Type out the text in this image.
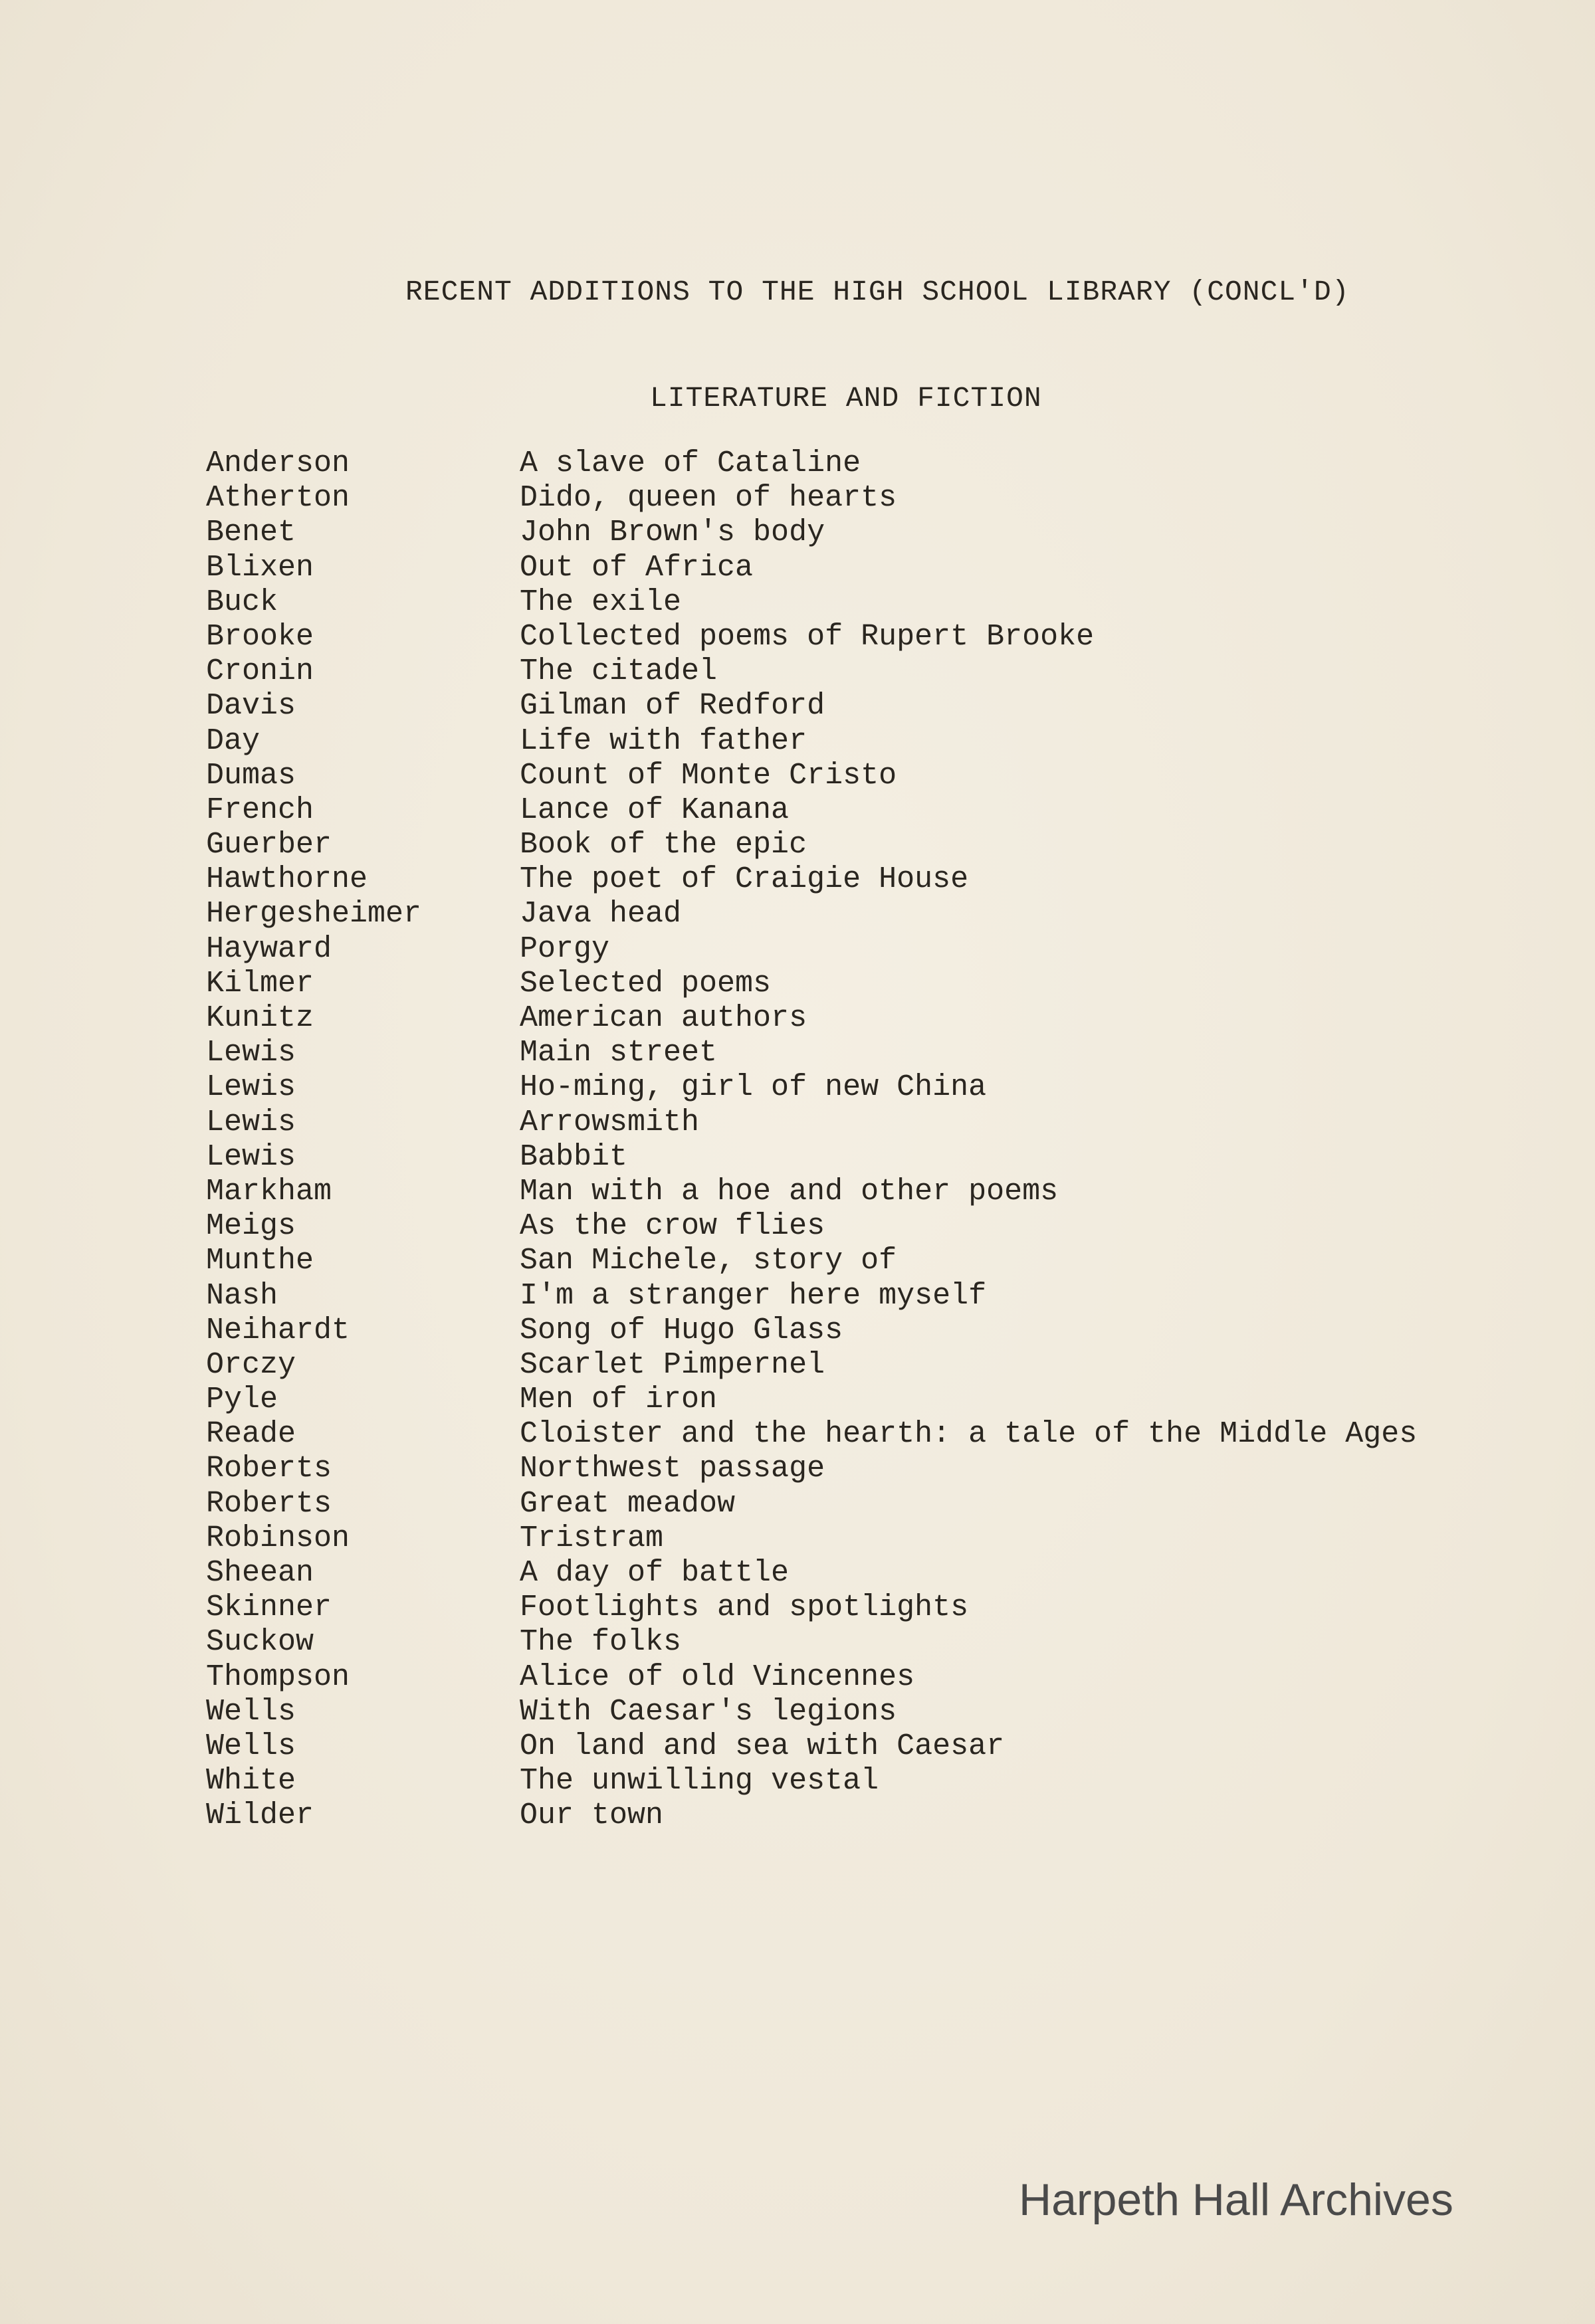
RECENT ADDITIONS TO THE HIGH SCHOOL LIBRARY (CONCL'D)
LITERATURE AND FICTION
Anderson	A slave of Cataline
Atherton	Dido, queen of hearts
Benet	John Brown's body
Blixen	Out of Africa
Buck	The exile
Brooke	Collected poems of Rupert Brooke
Cronin	The citadel
Davis	Gilman of Redford
Day	Life with father
Dumas	Count of Monte Cristo
French	Lance of Kanana
Guerber	Book of the epic
Hawthorne	The poet of Craigie House
Hergesheimer	Java head
Hayward	Porgy
Kilmer	Selected poems
Kunitz	American authors
Lewis	Main street
Lewis	Ho-ming, girl of new China
Lewis	Arrowsmith
Lewis	Babbit
Markham	Man with a hoe and other poems
Meigs	As the crow flies
Munthe	San Michele, story of
Nash	I'm a stranger here myself
Neihardt	Song of Hugo Glass
Orczy	Scarlet Pimpernel
Pyle	Men of iron
Reade	Cloister and the hearth: a tale of the Middle Ages
Roberts	Northwest passage
Roberts	Great meadow
Robinson	Tristram
Sheean	A day of battle
Skinner	Footlights and spotlights
Suckow	The folks
Thompson	Alice of old Vincennes
Wells	With Caesar's legions
Wells	On land and sea with Caesar
White	The unwilling vestal
Wilder	Our town
Harpeth Hall Archives
